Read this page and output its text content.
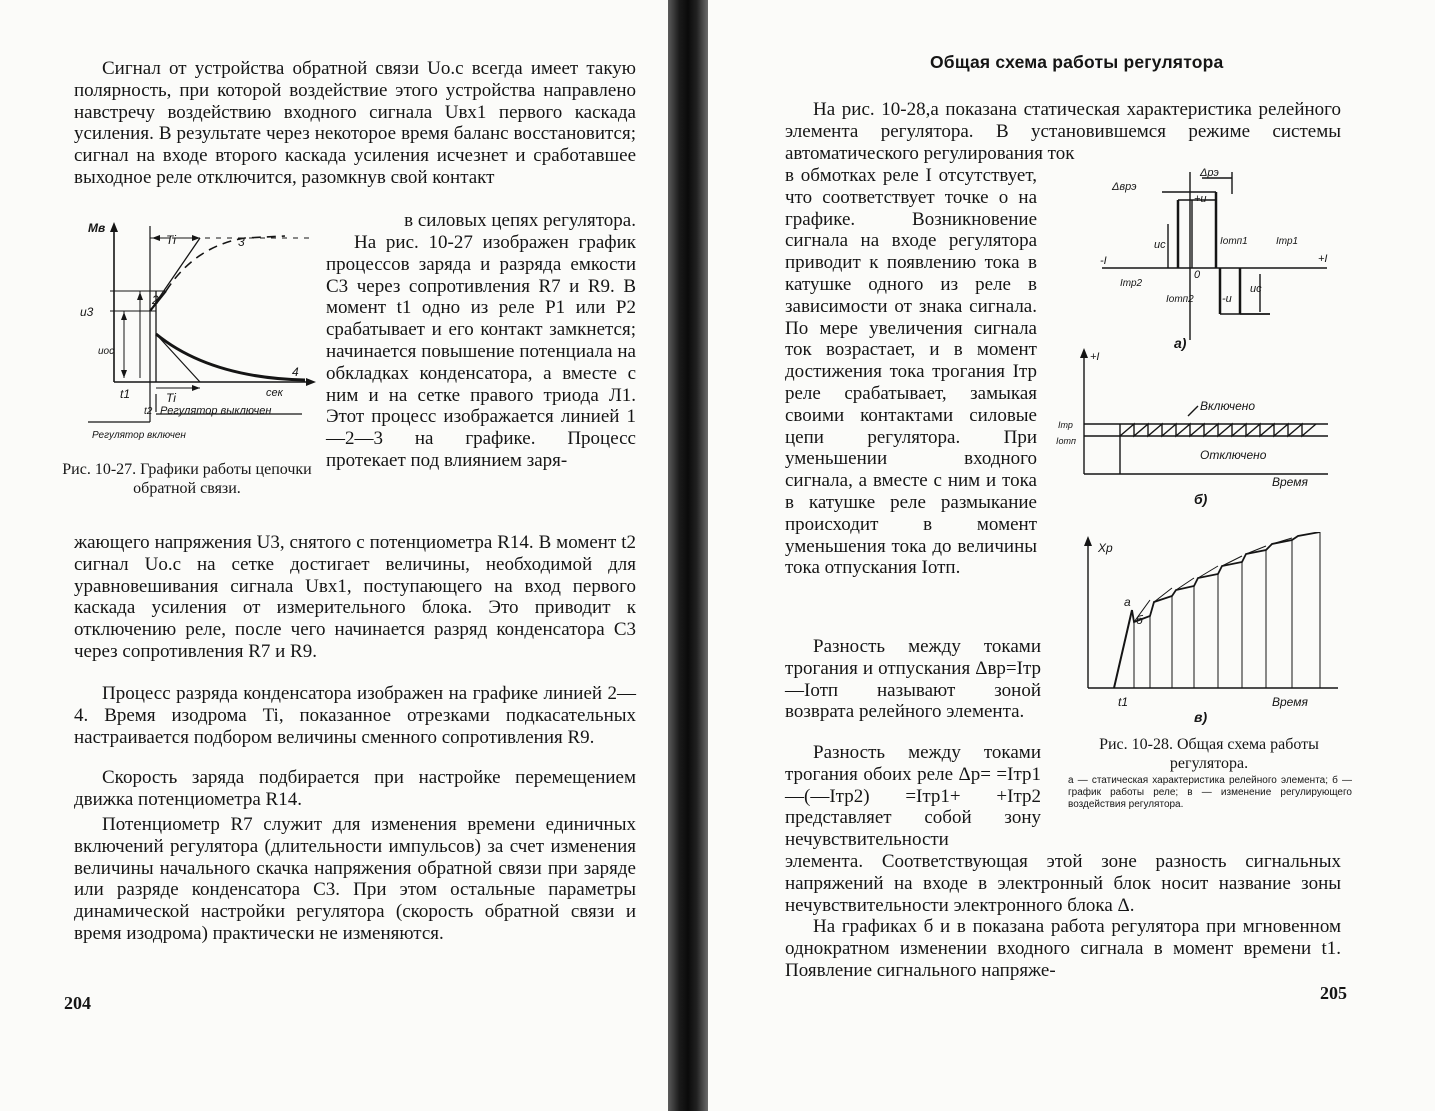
Сигнал от устройства обратной связи Uо.с всегда имеет такую полярность, при которой воздействие этого устройства направлено навстречу воздействию входного сигнала Uвх1 первого каскада усиления. В результате через некоторое время баланс восстановится; сигнал на входе второго каскада усиления исчезнет и сработавшее выходное реле отключится, разомкнув свой контакт
в силовых цепях регулятора.
На рис. 10-27 изображен график процессов заряда и разряда емкости С3 через сопротивления R7 и R9. В момент t1 одно из реле Р1 или Р2 срабатывает и его контакт замкнется; начинается повышение потенциала на обкладках конденсатора, а вместе с ним и на сетке правого триода Л1. Этот процесс изображается линией 1—2—3 на графике. Процесс протекает под влиянием заря-
жающего напряжения U3, снятого с потенциометра R14. В момент t2 сигнал Uо.с на сетке достигает величины, необходимой для уравновешивания сигнала Uвх1, поступающего на вход первого каскада усиления от измерительного блока. Это приводит к отключению реле, после чего начинается разряд конденсатора С3 через сопротивления R7 и R9.
Процесс разряда конденсатора изображен на графике линией 2—4. Время изодрома Ti, показанное отрезками подкасательных настраивается подбором величины сменного сопротивления R9.
Скорость заряда подбирается при настройке перемещением движка потенциометра R14.
Потенциометр R7 служит для изменения времени единичных включений регулятора (длительности импульсов) за счет изменения величины начального скачка напряжения обратной связи при заряде или разряде конденсатора С3. При этом остальные параметры динамической настройки регулятора (скорость обратной связи и время изодрома) практически не изменяются.
204
Мв
Ti	3
2
4
u3
uос
t1
t2
Ti	сек
Регулятор выключен
Регулятор включен
Рис. 10-27. Графики работы цепочки обратной связи.
Общая схема работы регулятора
На рис. 10-28,а показана статическая характеристика релейного элемента регулятора. В установившемся режиме системы автоматического регулирования ток
в обмотках реле I отсутствует, что соответствует точке о на графике. Возникновение сигнала на входе регулятора приводит к появлению тока в катушке одного из реле в зависимости от знака сигнала. По мере увеличения сигнала ток возрастает, и в момент достижения тока трогания Iтр реле срабатывает, замыкая своими контактами силовые цепи регулятора. При уменьшении входного сигнала, а вместе с ним и тока в катушке реле размыкание происходит в момент уменьшения тока до величины тока отпускания Iотп.
Разность между токами трогания и отпускания Δвр=Iтр—Iотп называют зоной возврата релейного элемента.
Разность между токами трогания обоих реле Δр= =Iтр1—(—Iтр2) =Iтр1+ +Iтр2 представляет собой зону нечувствительности
элемента. Соответствующая этой зоне разность сигнальных напряжений на входе в электронный блок носит название зоны нечувствительности электронного блока Δ.
На графиках б и в показана работа регулятора при мгновенном однократном изменении входного сигнала в момент времени t1. Появление сигнального напряже-
205
Δврэ
Δрэ
+u
uс
-I	+I
Iотп1	Iтр1
0
Iтр2
Iотп2	-u
uс
а)
+I
Включено
Отключено
Iтр
Iотп
Время
б)
Xр
а
б
t1	Время
в)
Рис. 10-28. Общая схема работы регулятора.
а — статическая характеристика релейного элемента; б — график работы реле; в — изменение регулирующего воздействия регулятора.
